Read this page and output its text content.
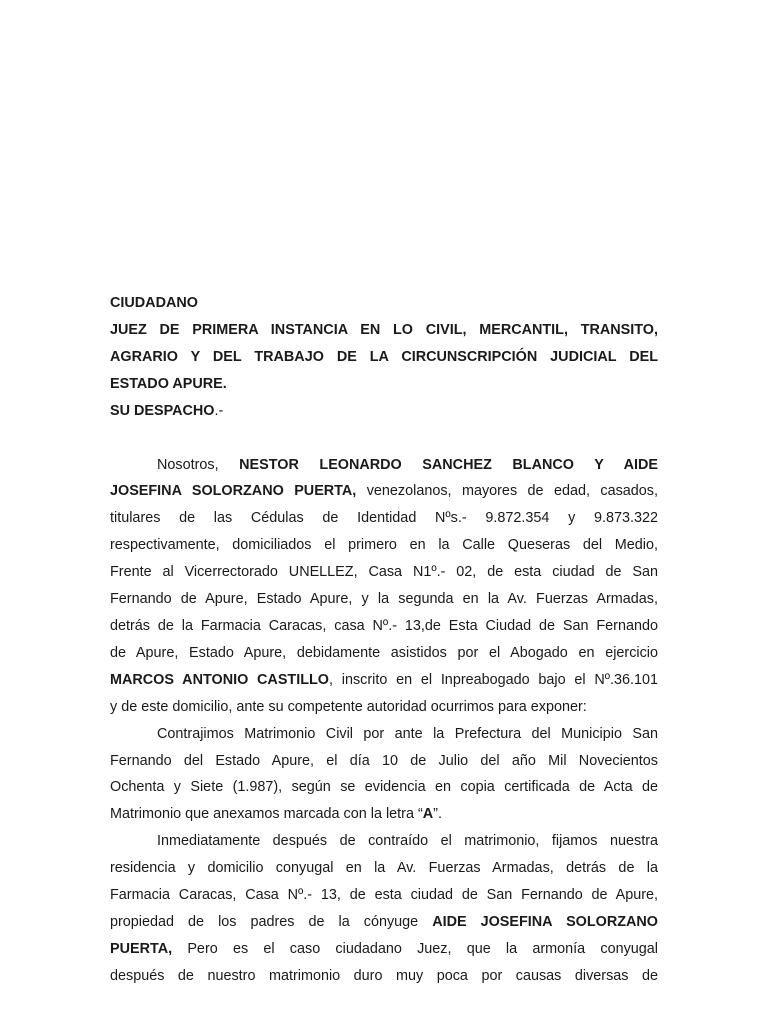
CIUDADANO
JUEZ DE PRIMERA INSTANCIA EN LO CIVIL, MERCANTIL, TRANSITO,
AGRARIO Y DEL TRABAJO DE LA CIRCUNSCRIPCIÓN JUDICIAL DEL
ESTADO APURE.
SU DESPACHO.-
Nosotros, NESTOR LEONARDO SANCHEZ BLANCO Y AIDE
JOSEFINA SOLORZANO PUERTA, venezolanos, mayores de edad, casados,
titulares de las Cédulas de Identidad Nºs.- 9.872.354 y 9.873.322
respectivamente, domiciliados el primero en la Calle Queseras del Medio,
Frente al Vicerrectorado UNELLEZ, Casa N1º.- 02, de esta ciudad de San
Fernando de Apure, Estado Apure, y la segunda en la Av. Fuerzas Armadas,
detrás de la Farmacia Caracas, casa Nº.- 13,de Esta Ciudad de San Fernando
de Apure, Estado Apure, debidamente asistidos por el Abogado en ejercicio
MARCOS ANTONIO CASTILLO, inscrito en el Inpreabogado bajo el Nº.36.101
y de este domicilio, ante su competente autoridad ocurrimos para exponer:
Contrajimos Matrimonio Civil por ante la Prefectura del Municipio San
Fernando del Estado Apure, el día 10 de Julio del año Mil Novecientos
Ochenta y Siete (1.987), según se evidencia en copia certificada de Acta de
Matrimonio que anexamos marcada con la letra “A”.
Inmediatamente después de contraído el matrimonio, fijamos nuestra
residencia y domicilio conyugal en la Av. Fuerzas Armadas, detrás de la
Farmacia Caracas, Casa Nº.- 13, de esta ciudad de San Fernando de Apure,
propiedad de los padres de la cónyuge AIDE JOSEFINA SOLORZANO
PUERTA, Pero es el caso ciudadano Juez, que la armonía conyugal
después de nuestro matrimonio duro muy poca por causas diversas de
